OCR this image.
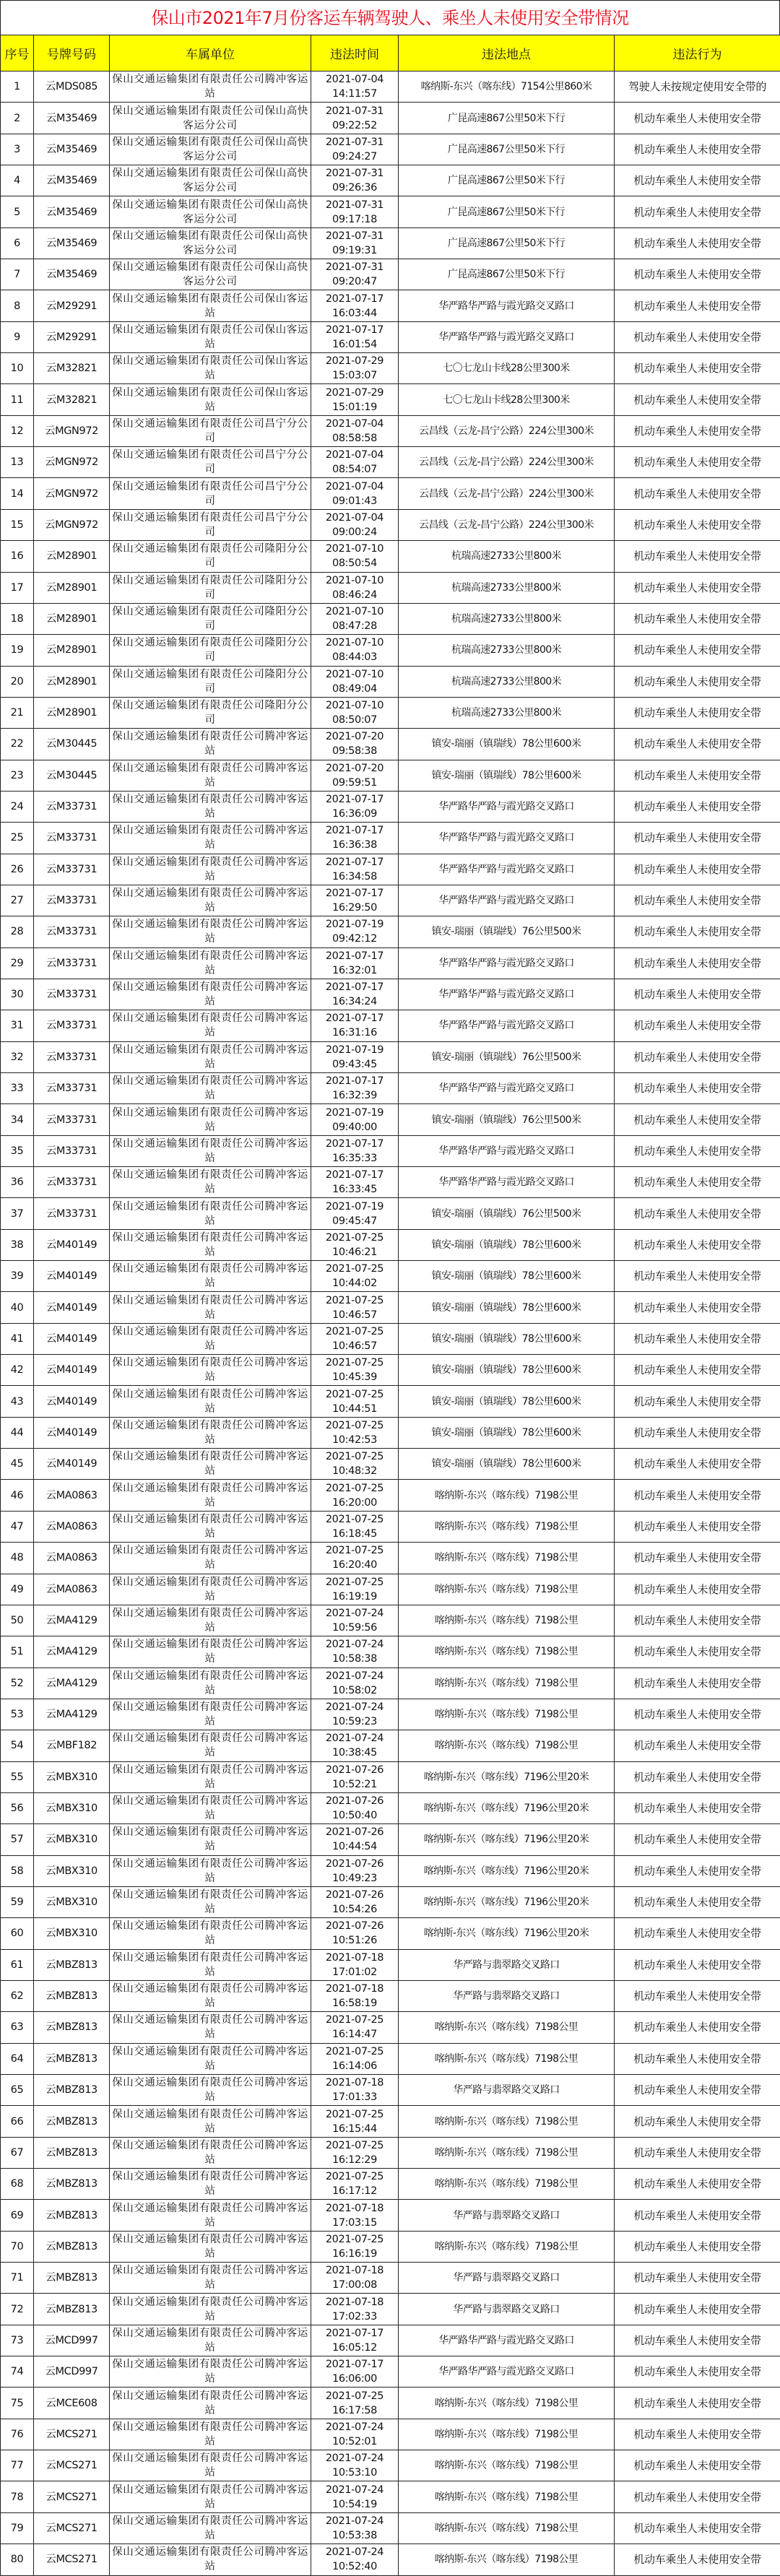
保山市2021年7月份客运车辆驾驶人、乘坐人未使用安全带情况
序号	号牌号码	车属单位	违法时间	违法地点	违法行为
1	云MDS085	保山交通运输集团有限责任公司腾冲客运站	2021-07-04 14:11:57	喀纳斯-东兴（喀东线）7154公里860米	驾驶人未按规定使用安全带的
2	云M35469	保山交通运输集团有限责任公司保山高快客运分公司	2021-07-31 09:22:52	广昆高速867公里50米下行	机动车乘坐人未使用安全带
3	云M35469	保山交通运输集团有限责任公司保山高快客运分公司	2021-07-31 09:24:27	广昆高速867公里50米下行	机动车乘坐人未使用安全带
4	云M35469	保山交通运输集团有限责任公司保山高快客运分公司	2021-07-31 09:26:36	广昆高速867公里50米下行	机动车乘坐人未使用安全带
5	云M35469	保山交通运输集团有限责任公司保山高快客运分公司	2021-07-31 09:17:18	广昆高速867公里50米下行	机动车乘坐人未使用安全带
6	云M35469	保山交通运输集团有限责任公司保山高快客运分公司	2021-07-31 09:19:31	广昆高速867公里50米下行	机动车乘坐人未使用安全带
7	云M35469	保山交通运输集团有限责任公司保山高快客运分公司	2021-07-31 09:20:47	广昆高速867公里50米下行	机动车乘坐人未使用安全带
8	云M29291	保山交通运输集团有限责任公司保山客运站	2021-07-17 16:03:44	华严路华严路与霞光路交叉路口	机动车乘坐人未使用安全带
9	云M29291	保山交通运输集团有限责任公司保山客运站	2021-07-17 16:01:54	华严路华严路与霞光路交叉路口	机动车乘坐人未使用安全带
10	云M32821	保山交通运输集团有限责任公司保山客运站	2021-07-29 15:03:07	七〇七龙山卡线28公里300米	机动车乘坐人未使用安全带
11	云M32821	保山交通运输集团有限责任公司保山客运站	2021-07-29 15:01:19	七〇七龙山卡线28公里300米	机动车乘坐人未使用安全带
12	云MGN972	保山交通运输集团有限责任公司昌宁分公司	2021-07-04 08:58:58	云昌线（云龙-昌宁公路）224公里300米	机动车乘坐人未使用安全带
13	云MGN972	保山交通运输集团有限责任公司昌宁分公司	2021-07-04 08:54:07	云昌线（云龙-昌宁公路）224公里300米	机动车乘坐人未使用安全带
14	云MGN972	保山交通运输集团有限责任公司昌宁分公司	2021-07-04 09:01:43	云昌线（云龙-昌宁公路）224公里300米	机动车乘坐人未使用安全带
15	云MGN972	保山交通运输集团有限责任公司昌宁分公司	2021-07-04 09:00:24	云昌线（云龙-昌宁公路）224公里300米	机动车乘坐人未使用安全带
16	云M28901	保山交通运输集团有限责任公司隆阳分公司	2021-07-10 08:50:54	杭瑞高速2733公里800米	机动车乘坐人未使用安全带
17	云M28901	保山交通运输集团有限责任公司隆阳分公司	2021-07-10 08:46:24	杭瑞高速2733公里800米	机动车乘坐人未使用安全带
18	云M28901	保山交通运输集团有限责任公司隆阳分公司	2021-07-10 08:47:28	杭瑞高速2733公里800米	机动车乘坐人未使用安全带
19	云M28901	保山交通运输集团有限责任公司隆阳分公司	2021-07-10 08:44:03	杭瑞高速2733公里800米	机动车乘坐人未使用安全带
20	云M28901	保山交通运输集团有限责任公司隆阳分公司	2021-07-10 08:49:04	杭瑞高速2733公里800米	机动车乘坐人未使用安全带
21	云M28901	保山交通运输集团有限责任公司隆阳分公司	2021-07-10 08:50:07	杭瑞高速2733公里800米	机动车乘坐人未使用安全带
22	云M30445	保山交通运输集团有限责任公司腾冲客运站	2021-07-20 09:58:38	镇安-瑞丽（镇瑞线）78公里600米	机动车乘坐人未使用安全带
23	云M30445	保山交通运输集团有限责任公司腾冲客运站	2021-07-20 09:59:51	镇安-瑞丽（镇瑞线）78公里600米	机动车乘坐人未使用安全带
24	云M33731	保山交通运输集团有限责任公司腾冲客运站	2021-07-17 16:36:09	华严路华严路与霞光路交叉路口	机动车乘坐人未使用安全带
25	云M33731	保山交通运输集团有限责任公司腾冲客运站	2021-07-17 16:36:38	华严路华严路与霞光路交叉路口	机动车乘坐人未使用安全带
26	云M33731	保山交通运输集团有限责任公司腾冲客运站	2021-07-17 16:34:58	华严路华严路与霞光路交叉路口	机动车乘坐人未使用安全带
27	云M33731	保山交通运输集团有限责任公司腾冲客运站	2021-07-17 16:29:50	华严路华严路与霞光路交叉路口	机动车乘坐人未使用安全带
28	云M33731	保山交通运输集团有限责任公司腾冲客运站	2021-07-19 09:42:12	镇安-瑞丽（镇瑞线）76公里500米	机动车乘坐人未使用安全带
29	云M33731	保山交通运输集团有限责任公司腾冲客运站	2021-07-17 16:32:01	华严路华严路与霞光路交叉路口	机动车乘坐人未使用安全带
30	云M33731	保山交通运输集团有限责任公司腾冲客运站	2021-07-17 16:34:24	华严路华严路与霞光路交叉路口	机动车乘坐人未使用安全带
31	云M33731	保山交通运输集团有限责任公司腾冲客运站	2021-07-17 16:31:16	华严路华严路与霞光路交叉路口	机动车乘坐人未使用安全带
32	云M33731	保山交通运输集团有限责任公司腾冲客运站	2021-07-19 09:43:45	镇安-瑞丽（镇瑞线）76公里500米	机动车乘坐人未使用安全带
33	云M33731	保山交通运输集团有限责任公司腾冲客运站	2021-07-17 16:32:39	华严路华严路与霞光路交叉路口	机动车乘坐人未使用安全带
34	云M33731	保山交通运输集团有限责任公司腾冲客运站	2021-07-19 09:40:00	镇安-瑞丽（镇瑞线）76公里500米	机动车乘坐人未使用安全带
35	云M33731	保山交通运输集团有限责任公司腾冲客运站	2021-07-17 16:35:33	华严路华严路与霞光路交叉路口	机动车乘坐人未使用安全带
36	云M33731	保山交通运输集团有限责任公司腾冲客运站	2021-07-17 16:33:45	华严路华严路与霞光路交叉路口	机动车乘坐人未使用安全带
37	云M33731	保山交通运输集团有限责任公司腾冲客运站	2021-07-19 09:45:47	镇安-瑞丽（镇瑞线）76公里500米	机动车乘坐人未使用安全带
38	云M40149	保山交通运输集团有限责任公司腾冲客运站	2021-07-25 10:46:21	镇安-瑞丽（镇瑞线）78公里600米	机动车乘坐人未使用安全带
39	云M40149	保山交通运输集团有限责任公司腾冲客运站	2021-07-25 10:44:02	镇安-瑞丽（镇瑞线）78公里600米	机动车乘坐人未使用安全带
40	云M40149	保山交通运输集团有限责任公司腾冲客运站	2021-07-25 10:46:57	镇安-瑞丽（镇瑞线）78公里600米	机动车乘坐人未使用安全带
41	云M40149	保山交通运输集团有限责任公司腾冲客运站	2021-07-25 10:46:57	镇安-瑞丽（镇瑞线）78公里600米	机动车乘坐人未使用安全带
42	云M40149	保山交通运输集团有限责任公司腾冲客运站	2021-07-25 10:45:39	镇安-瑞丽（镇瑞线）78公里600米	机动车乘坐人未使用安全带
43	云M40149	保山交通运输集团有限责任公司腾冲客运站	2021-07-25 10:44:51	镇安-瑞丽（镇瑞线）78公里600米	机动车乘坐人未使用安全带
44	云M40149	保山交通运输集团有限责任公司腾冲客运站	2021-07-25 10:42:53	镇安-瑞丽（镇瑞线）78公里600米	机动车乘坐人未使用安全带
45	云M40149	保山交通运输集团有限责任公司腾冲客运站	2021-07-25 10:48:32	镇安-瑞丽（镇瑞线）78公里600米	机动车乘坐人未使用安全带
46	云MA0863	保山交通运输集团有限责任公司腾冲客运站	2021-07-25 16:20:00	喀纳斯-东兴（喀东线）7198公里	机动车乘坐人未使用安全带
47	云MA0863	保山交通运输集团有限责任公司腾冲客运站	2021-07-25 16:18:45	喀纳斯-东兴（喀东线）7198公里	机动车乘坐人未使用安全带
48	云MA0863	保山交通运输集团有限责任公司腾冲客运站	2021-07-25 16:20:40	喀纳斯-东兴（喀东线）7198公里	机动车乘坐人未使用安全带
49	云MA0863	保山交通运输集团有限责任公司腾冲客运站	2021-07-25 16:19:19	喀纳斯-东兴（喀东线）7198公里	机动车乘坐人未使用安全带
50	云MA4129	保山交通运输集团有限责任公司腾冲客运站	2021-07-24 10:59:56	喀纳斯-东兴（喀东线）7198公里	机动车乘坐人未使用安全带
51	云MA4129	保山交通运输集团有限责任公司腾冲客运站	2021-07-24 10:58:38	喀纳斯-东兴（喀东线）7198公里	机动车乘坐人未使用安全带
52	云MA4129	保山交通运输集团有限责任公司腾冲客运站	2021-07-24 10:58:02	喀纳斯-东兴（喀东线）7198公里	机动车乘坐人未使用安全带
53	云MA4129	保山交通运输集团有限责任公司腾冲客运站	2021-07-24 10:59:23	喀纳斯-东兴（喀东线）7198公里	机动车乘坐人未使用安全带
54	云MBF182	保山交通运输集团有限责任公司腾冲客运站	2021-07-24 10:38:45	喀纳斯-东兴（喀东线）7198公里	机动车乘坐人未使用安全带
55	云MBX310	保山交通运输集团有限责任公司腾冲客运站	2021-07-26 10:52:21	喀纳斯-东兴（喀东线）7196公里20米	机动车乘坐人未使用安全带
56	云MBX310	保山交通运输集团有限责任公司腾冲客运站	2021-07-26 10:50:40	喀纳斯-东兴（喀东线）7196公里20米	机动车乘坐人未使用安全带
57	云MBX310	保山交通运输集团有限责任公司腾冲客运站	2021-07-26 10:44:54	喀纳斯-东兴（喀东线）7196公里20米	机动车乘坐人未使用安全带
58	云MBX310	保山交通运输集团有限责任公司腾冲客运站	2021-07-26 10:49:23	喀纳斯-东兴（喀东线）7196公里20米	机动车乘坐人未使用安全带
59	云MBX310	保山交通运输集团有限责任公司腾冲客运站	2021-07-26 10:54:26	喀纳斯-东兴（喀东线）7196公里20米	机动车乘坐人未使用安全带
60	云MBX310	保山交通运输集团有限责任公司腾冲客运站	2021-07-26 10:51:26	喀纳斯-东兴（喀东线）7196公里20米	机动车乘坐人未使用安全带
61	云MBZ813	保山交通运输集团有限责任公司腾冲客运站	2021-07-18 17:01:02	华严路与翡翠路交叉路口	机动车乘坐人未使用安全带
62	云MBZ813	保山交通运输集团有限责任公司腾冲客运站	2021-07-18 16:58:19	华严路与翡翠路交叉路口	机动车乘坐人未使用安全带
63	云MBZ813	保山交通运输集团有限责任公司腾冲客运站	2021-07-25 16:14:47	喀纳斯-东兴（喀东线）7198公里	机动车乘坐人未使用安全带
64	云MBZ813	保山交通运输集团有限责任公司腾冲客运站	2021-07-25 16:14:06	喀纳斯-东兴（喀东线）7198公里	机动车乘坐人未使用安全带
65	云MBZ813	保山交通运输集团有限责任公司腾冲客运站	2021-07-18 17:01:33	华严路与翡翠路交叉路口	机动车乘坐人未使用安全带
66	云MBZ813	保山交通运输集团有限责任公司腾冲客运站	2021-07-25 16:15:44	喀纳斯-东兴（喀东线）7198公里	机动车乘坐人未使用安全带
67	云MBZ813	保山交通运输集团有限责任公司腾冲客运站	2021-07-25 16:12:29	喀纳斯-东兴（喀东线）7198公里	机动车乘坐人未使用安全带
68	云MBZ813	保山交通运输集团有限责任公司腾冲客运站	2021-07-25 16:17:12	喀纳斯-东兴（喀东线）7198公里	机动车乘坐人未使用安全带
69	云MBZ813	保山交通运输集团有限责任公司腾冲客运站	2021-07-18 17:03:15	华严路与翡翠路交叉路口	机动车乘坐人未使用安全带
70	云MBZ813	保山交通运输集团有限责任公司腾冲客运站	2021-07-25 16:16:19	喀纳斯-东兴（喀东线）7198公里	机动车乘坐人未使用安全带
71	云MBZ813	保山交通运输集团有限责任公司腾冲客运站	2021-07-18 17:00:08	华严路与翡翠路交叉路口	机动车乘坐人未使用安全带
72	云MBZ813	保山交通运输集团有限责任公司腾冲客运站	2021-07-18 17:02:33	华严路与翡翠路交叉路口	机动车乘坐人未使用安全带
73	云MCD997	保山交通运输集团有限责任公司腾冲客运站	2021-07-17 16:05:12	华严路华严路与霞光路交叉路口	机动车乘坐人未使用安全带
74	云MCD997	保山交通运输集团有限责任公司腾冲客运站	2021-07-17 16:06:00	华严路华严路与霞光路交叉路口	机动车乘坐人未使用安全带
75	云MCE608	保山交通运输集团有限责任公司腾冲客运站	2021-07-25 16:17:58	喀纳斯-东兴（喀东线）7198公里	机动车乘坐人未使用安全带
76	云MCS271	保山交通运输集团有限责任公司腾冲客运站	2021-07-24 10:52:01	喀纳斯-东兴（喀东线）7198公里	机动车乘坐人未使用安全带
77	云MCS271	保山交通运输集团有限责任公司腾冲客运站	2021-07-24 10:53:10	喀纳斯-东兴（喀东线）7198公里	机动车乘坐人未使用安全带
78	云MCS271	保山交通运输集团有限责任公司腾冲客运站	2021-07-24 10:54:19	喀纳斯-东兴（喀东线）7198公里	机动车乘坐人未使用安全带
79	云MCS271	保山交通运输集团有限责任公司腾冲客运站	2021-07-24 10:53:38	喀纳斯-东兴（喀东线）7198公里	机动车乘坐人未使用安全带
80	云MCS271	保山交通运输集团有限责任公司腾冲客运站	2021-07-24 10:52:40	喀纳斯-东兴（喀东线）7198公里	机动车乘坐人未使用安全带
